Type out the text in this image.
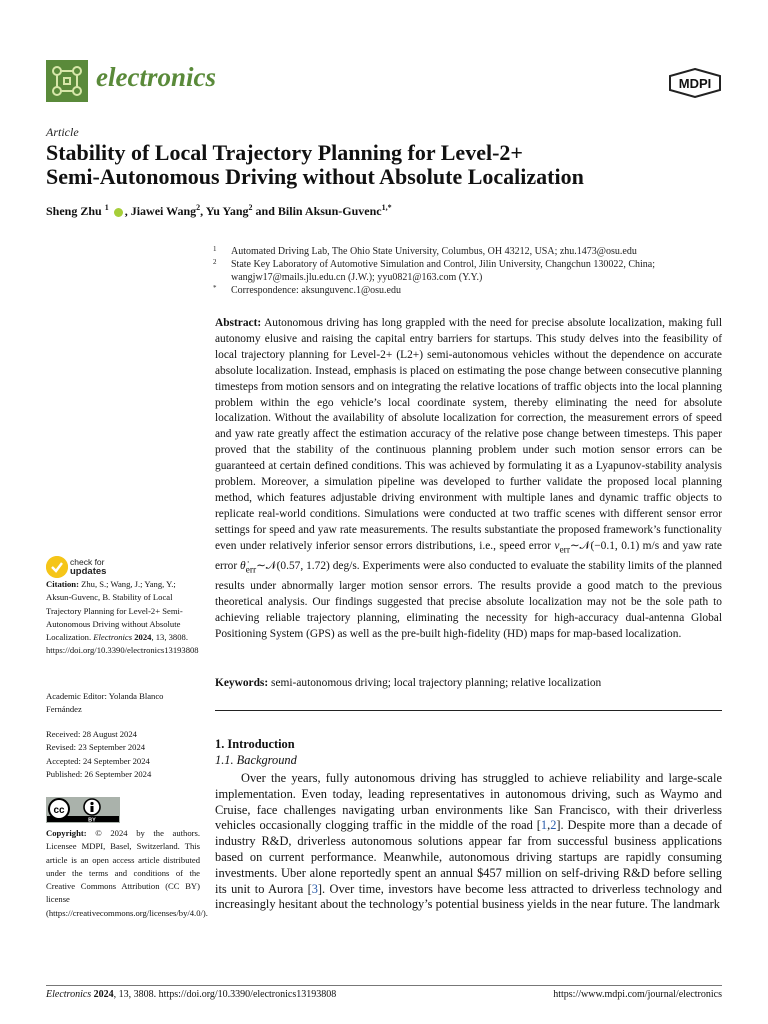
electronics	MDPI
Article
Stability of Local Trajectory Planning for Level-2+
Semi-Autonomous Driving without Absolute Localization
Sheng Zhu $^1$ , Jiawei Wang$^2$, Yu Yang$^2$ and Bilin Aksun-Guvenc$^{1,*}$
1 Automated Driving Lab, The Ohio State University, Columbus, OH 43212, USA; zhu.1473@osu.edu
2 State Key Laboratory of Automotive Simulation and Control, Jilin University, Changchun 130022, China; wangjw17@mails.jlu.edu.cn (J.W.); yyu0821@163.com (Y.Y.)
* Correspondence: aksunguvenc.1@osu.edu
Abstract: Autonomous driving has long grappled with the need for precise absolute localization, making full autonomy elusive and raising the capital entry barriers for startups. This study delves into the feasibility of local trajectory planning for Level-2+ (L2+) semi-autonomous vehicles without the dependence on accurate absolute localization. Instead, emphasis is placed on estimating the pose change between consecutive planning timesteps from motion sensors and on integrating the relative locations of traffic objects into the local planning problem within the ego vehicle’s local coordinate system, thereby eliminating the need for absolute localization. Without the availability of absolute localization for correction, the measurement errors of speed and yaw rate greatly affect the estimation accuracy of the relative pose change between timesteps. This paper proved that the stability of the continuous planning problem under such motion sensor errors can be guaranteed at certain defined conditions. This was achieved by formulating it as a Lyapunov-stability analysis problem. Moreover, a simulation pipeline was developed to further validate the proposed local planning method, which features adjustable driving environment with multiple lanes and dynamic traffic objects to replicate real-world conditions. Simulations were conducted at two traffic scenes with different sensor error settings for speed and yaw rate measurements. The results substantiate the proposed framework’s functionality even under relatively inferior sensor errors distributions, i.e., speed error $v_{err}\sim 𝒩(-0.1$, 0.1) m/s and yaw rate error $\thetȧ_{err}\sim 𝒩(0.57$, 1.72) deg/s. Experiments were also conducted to evaluate the stability limits of the planned results under abnormally larger motion sensor errors. The results provide a good match to the previous theoretical analysis. Our findings suggested that precise absolute localization may not be the sole path to achieving reliable trajectory planning, eliminating the necessity for high-accuracy dual-antenna Global Positioning System (GPS) as well as the pre-built high-fidelity (HD) maps for map-based localization.
Keywords: semi-autonomous driving; local trajectory planning; relative localization
1. Introduction
1.1. Background
Over the years, fully autonomous driving has struggled to achieve reliability and large-scale implementation. Even today, leading representatives in autonomous driving, such as Waymo and Cruise, face challenges navigating urban environments like San Francisco, with their driverless vehicles occasionally clogging traffic in the middle of the road [1,2]. Despite more than a decade of industry R&D, driverless autonomous solutions appear far from successful business applications based on current performance. Meanwhile, autonomous driving startups are rapidly consuming investments. Uber alone reportedly spent an annual $457 million on self-driving R&D before selling its unit to Aurora [3]. Over time, investors have become less attracted to driverless technology and increasingly hesitant about the technology’s potential business yields in the near future. The landmark
check for
updates
Citation: Zhu, S.; Wang, J.; Yang, Y.; Aksun-Guvenc, B. Stability of Local Trajectory Planning for Level-2+ Semi-Autonomous Driving without Absolute Localization. Electronics 2024, 13, 3808. https://doi.org/10.3390/electronics13193808
Academic Editor: Yolanda Blanco Fernández
Received: 28 August 2024
Revised: 23 September 2024
Accepted: 24 September 2024
Published: 26 September 2024
cc
BY
Copyright: © 2024 by the authors. Licensee MDPI, Basel, Switzerland. This article is an open access article distributed under the terms and conditions of the Creative Commons Attribution (CC BY) license (https://creativecommons.org/licenses/by/4.0/).
Electronics 2024, 13, 3808. https://doi.org/10.3390/electronics13193808	https://www.mdpi.com/journal/electronics
